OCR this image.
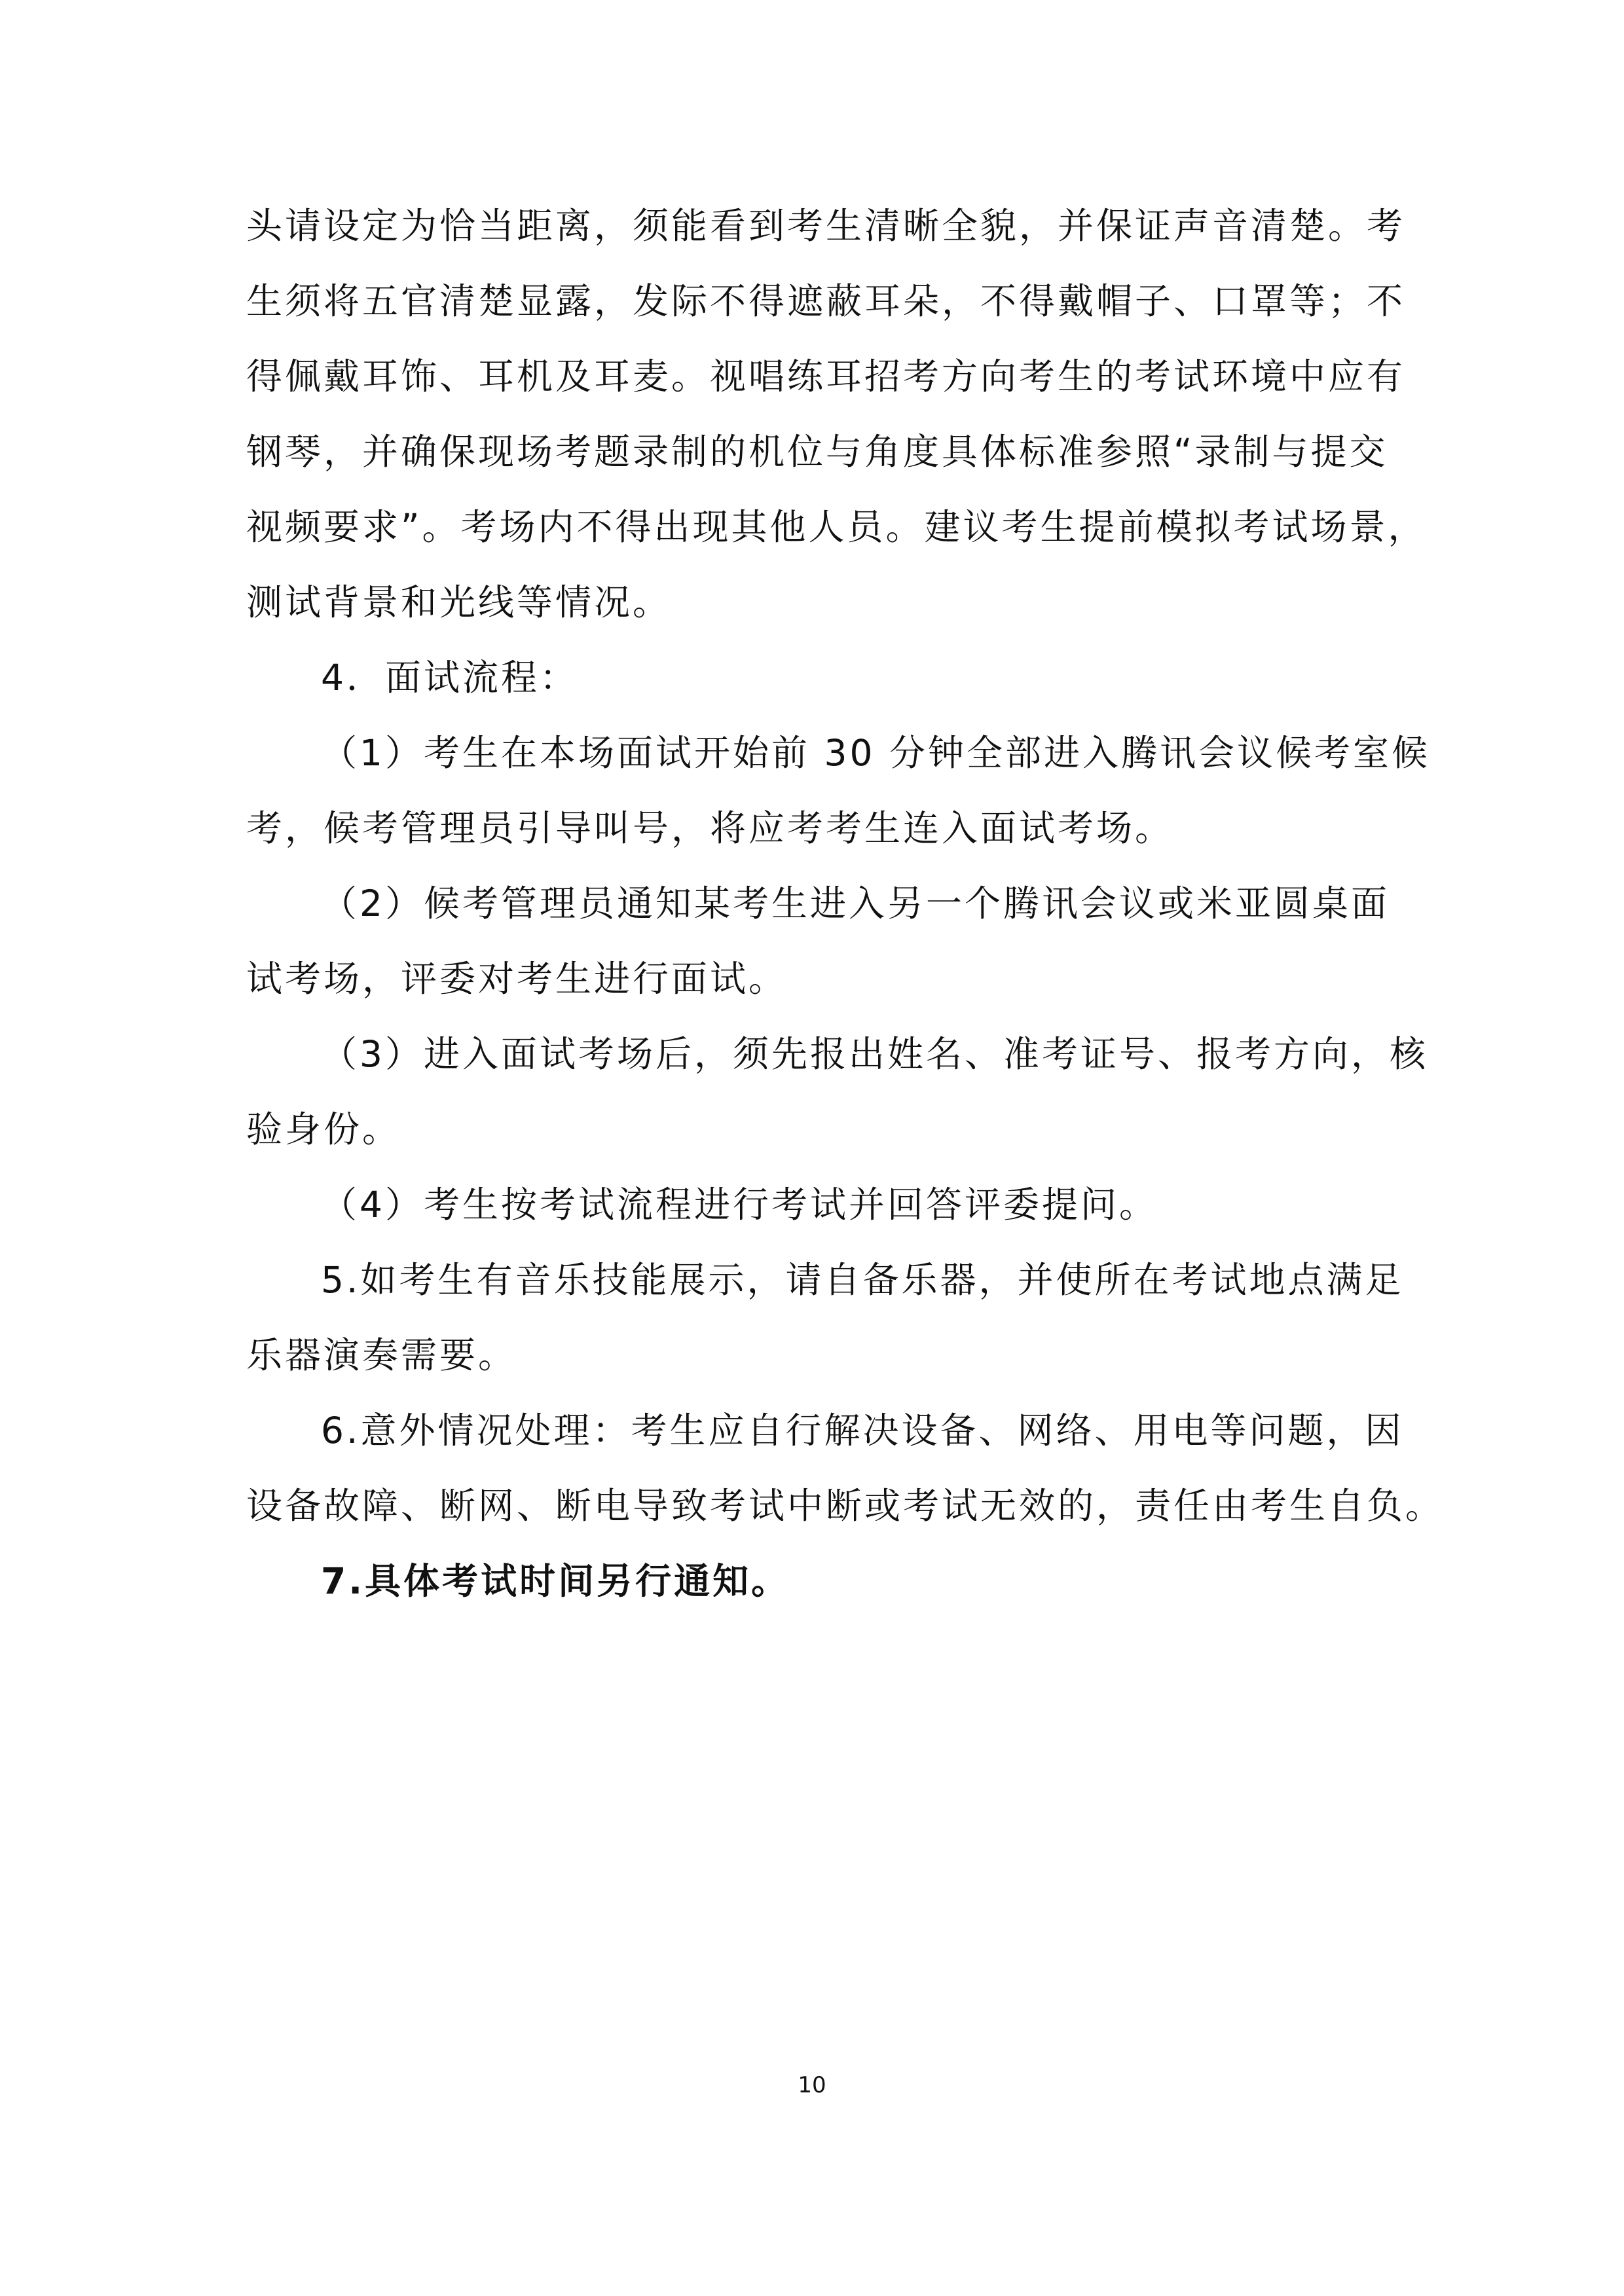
头请设定为恰当距离，须能看到考生清晰全貌，并保证声音清楚。考
生须将五官清楚显露，发际不得遮蔽耳朵，不得戴帽子、口罩等；不
得佩戴耳饰、耳机及耳麦。视唱练耳招考方向考生的考试环境中应有
钢琴，并确保现场考题录制的机位与角度具体标准参照“录制与提交
视频要求”。考场内不得出现其他人员。建议考生提前模拟考试场景，
测试背景和光线等情况。
4．面试流程：
（1）考生在本场面试开始前 30 分钟全部进入腾讯会议候考室候
考，候考管理员引导叫号，将应考考生连入面试考场。
（2）候考管理员通知某考生进入另一个腾讯会议或米亚圆桌面
试考场，评委对考生进行面试。
（3）进入面试考场后，须先报出姓名、准考证号、报考方向，核
验身份。
（4）考生按考试流程进行考试并回答评委提问。
5.如考生有音乐技能展示，请自备乐器，并使所在考试地点满足
乐器演奏需要。
6.意外情况处理：考生应自行解决设备、网络、用电等问题，因
设备故障、断网、断电导致考试中断或考试无效的，责任由考生自负。
7.具体考试时间另行通知。
10
